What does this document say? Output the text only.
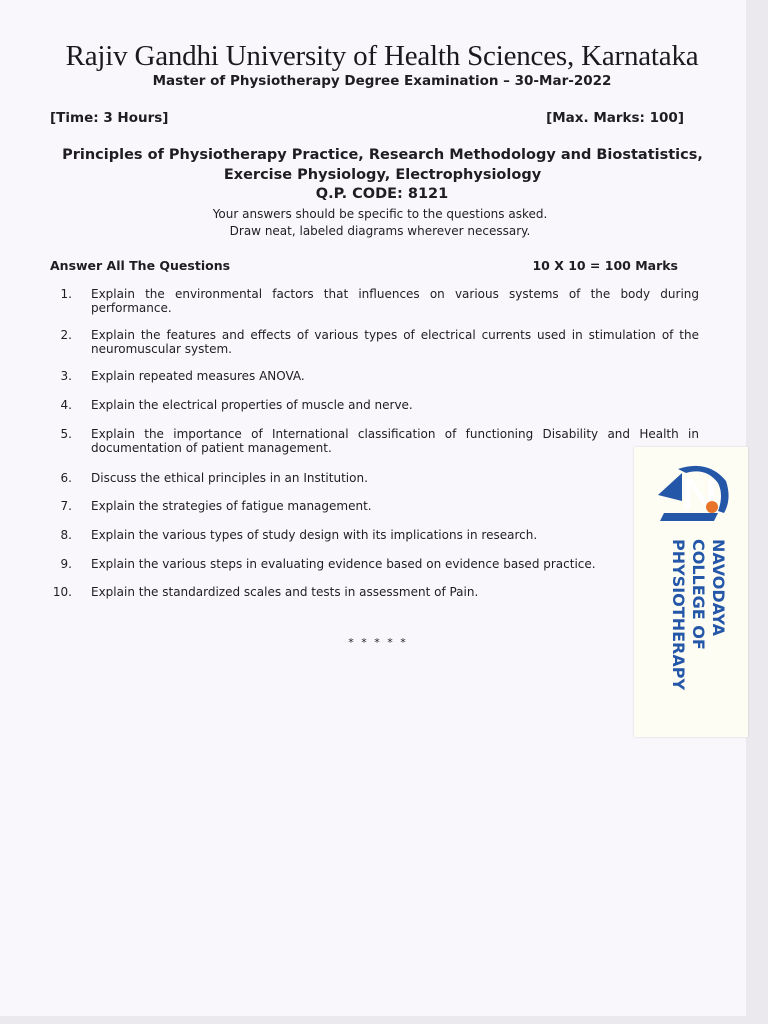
Rajiv Gandhi University of Health Sciences, Karnataka
Master of Physiotherapy Degree Examination – 30-Mar-2022
[Time: 3 Hours]	[Max. Marks: 100]
Principles of Physiotherapy Practice, Research Methodology and Biostatistics,
Exercise Physiology, Electrophysiology
Q.P. CODE: 8121
Your answers should be specific to the questions asked.
Draw neat, labeled diagrams wherever necessary.
Answer All The Questions	10 X 10 = 100 Marks
1. Explain the environmental factors that influences on various systems of the body during performance.
2. Explain the features and effects of various types of electrical currents used in stimulation of the neuromuscular system.
3. Explain repeated measures ANOVA.
4. Explain the electrical properties of muscle and nerve.
5. Explain the importance of International classification of functioning Disability and Health in documentation of patient management.
6. Discuss the ethical principles in an Institution.
7. Explain the strategies of fatigue management.
8. Explain the various types of study design with its implications in research.
9. Explain the various steps in evaluating evidence based on evidence based practice.
10. Explain the standardized scales and tests in assessment of Pain.
* * * * *
NAVODAYA
COLLEGE OF
PHYSIOTHERAPY
